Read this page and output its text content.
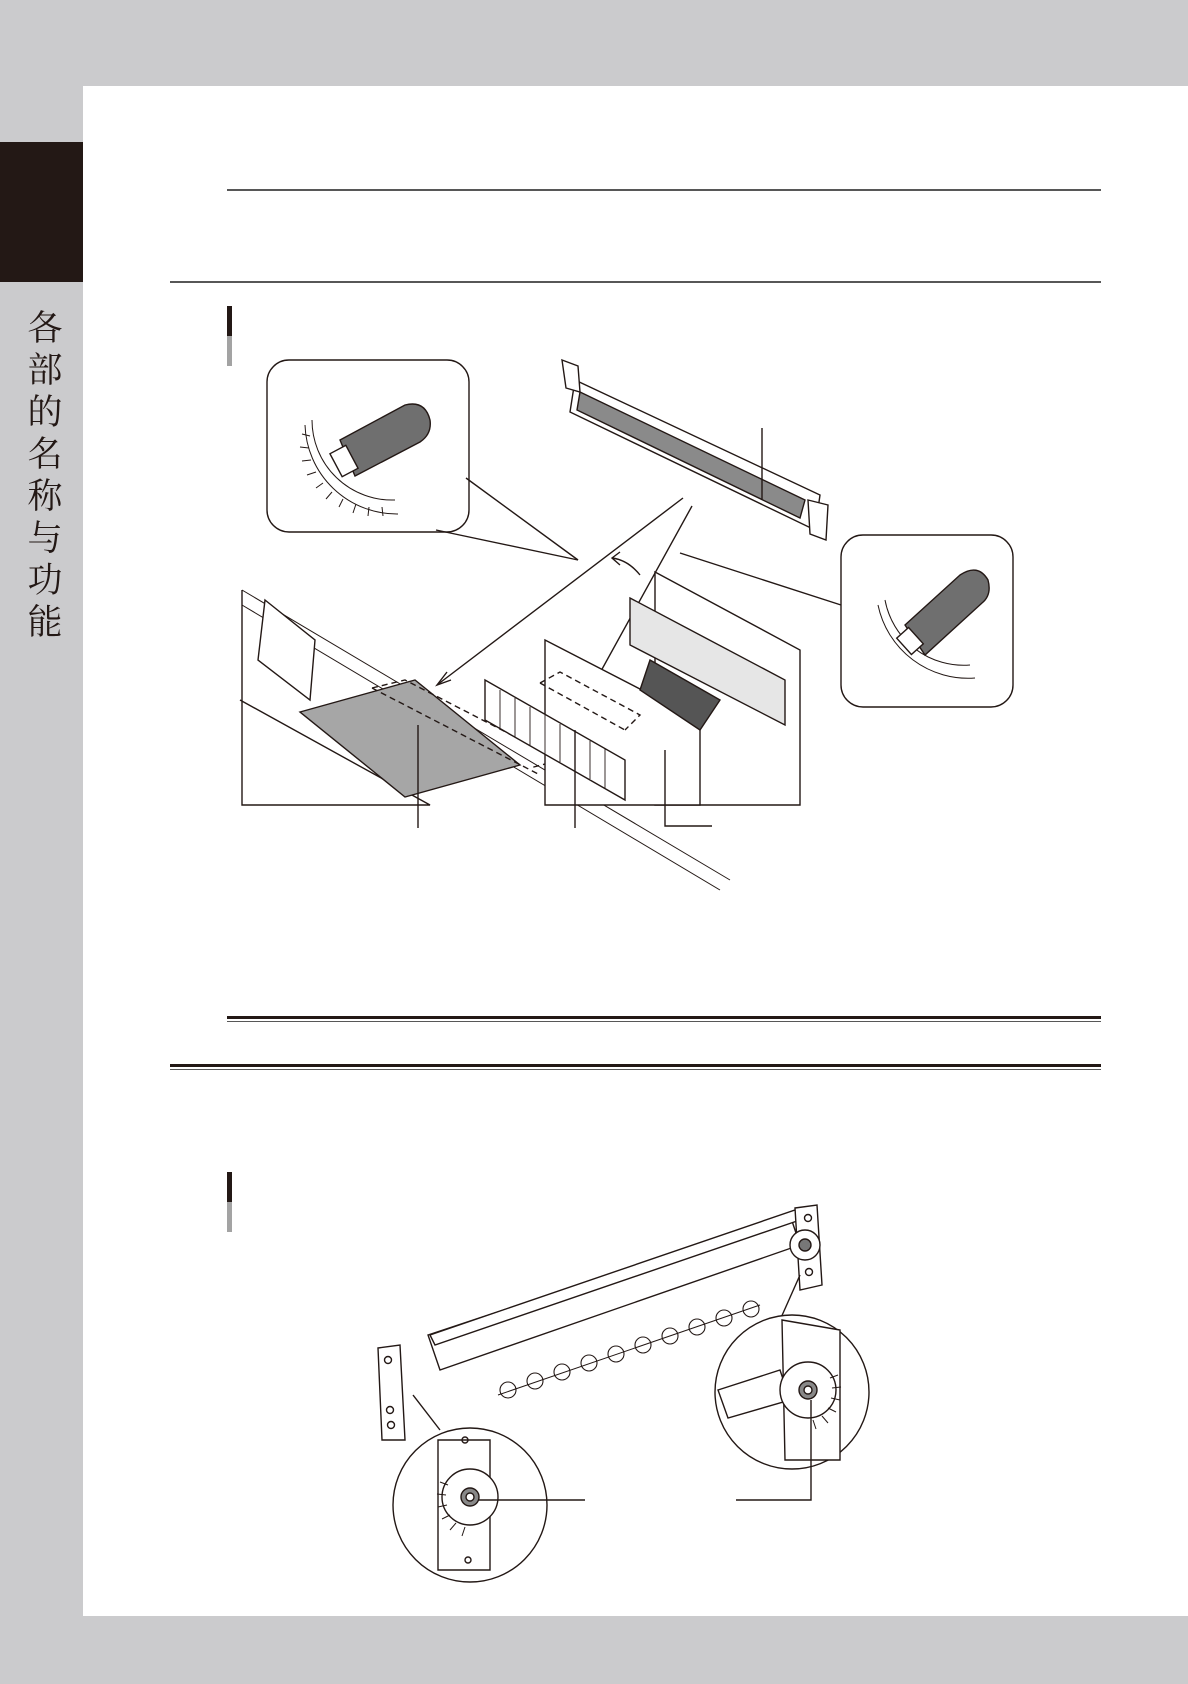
各部的名称与功能
